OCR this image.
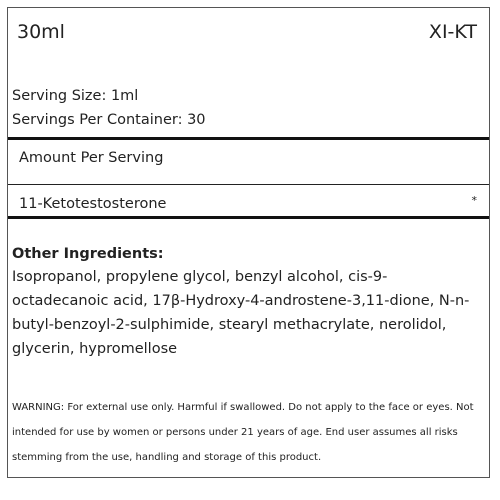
30ml	XI-KT
Serving Size: 1ml
Servings Per Container: 30
Amount Per Serving
11-Ketotestosterone	*
Other Ingredients:
Isopropanol, propylene glycol, benzyl alcohol, cis-9-octadecanoic acid, 17β-Hydroxy-4-androstene-3,11-dione, N-n-butyl-benzoyl-2-sulphimide, stearyl methacrylate, nerolidol, glycerin, hypromellose
WARNING: For external use only. Harmful if swallowed. Do not apply to the face or eyes. Not intended for use by women or persons under 21 years of age. End user assumes all risks stemming from the use, handling and storage of this product.
